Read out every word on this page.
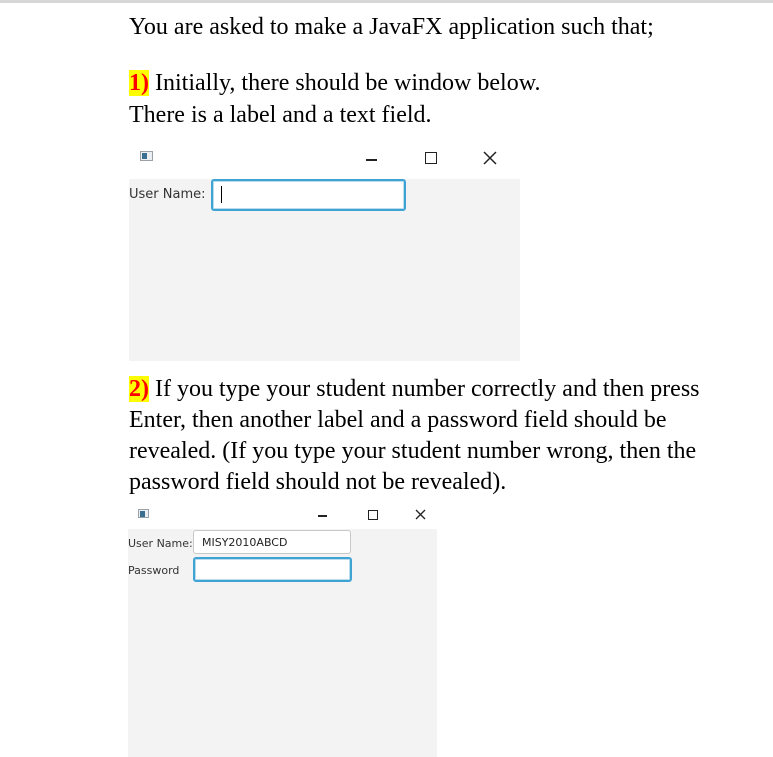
You are asked to make a JavaFX application such that;

1) Initially, there should be window below.

There is a label and a text field.

User Name:

2) If you type your student number correctly and then press

Enter, then another label and a password field should be

revealed. (If you type your student number wrong, then the

password field should not be revealed).

User Name: MISY2010ABCD
Password
